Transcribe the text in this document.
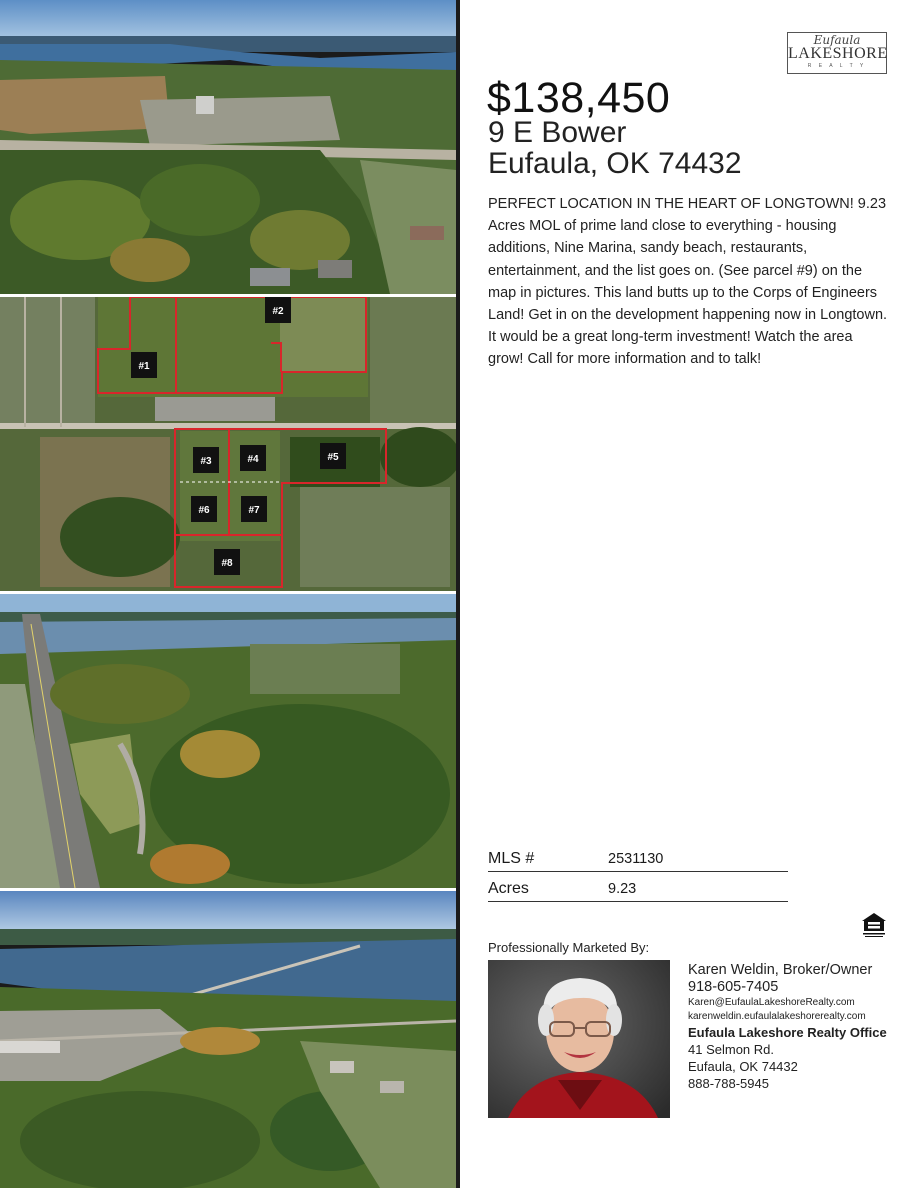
#1
#2
#3	#4	#5
#6	#7
#8
Eufaula
LAKESHORE
R E A L T Y
$138,450
9 E Bower
Eufaula, OK 74432
PERFECT LOCATION IN THE HEART OF LONGTOWN! 9.23 Acres MOL of prime land close to everything - housing additions, Nine Marina, sandy beach, restaurants, entertainment, and the list goes on. (See parcel #9) on the map in pictures. This land butts up to the Corps of Engineers Land! Get in on the development happening now in Longtown. It would be a great long-term investment! Watch the area grow! Call for more information and to talk!
MLS #	2531130
Acres	9.23
Professionally Marketed By:
Karen Weldin, Broker/Owner
918-605-7405
Karen@EufaulaLakeshoreRealty.com
karenweldin.eufaulalakeshorerealty.com
Eufaula Lakeshore Realty Office
41 Selmon Rd.
Eufaula, OK 74432
888-788-5945
